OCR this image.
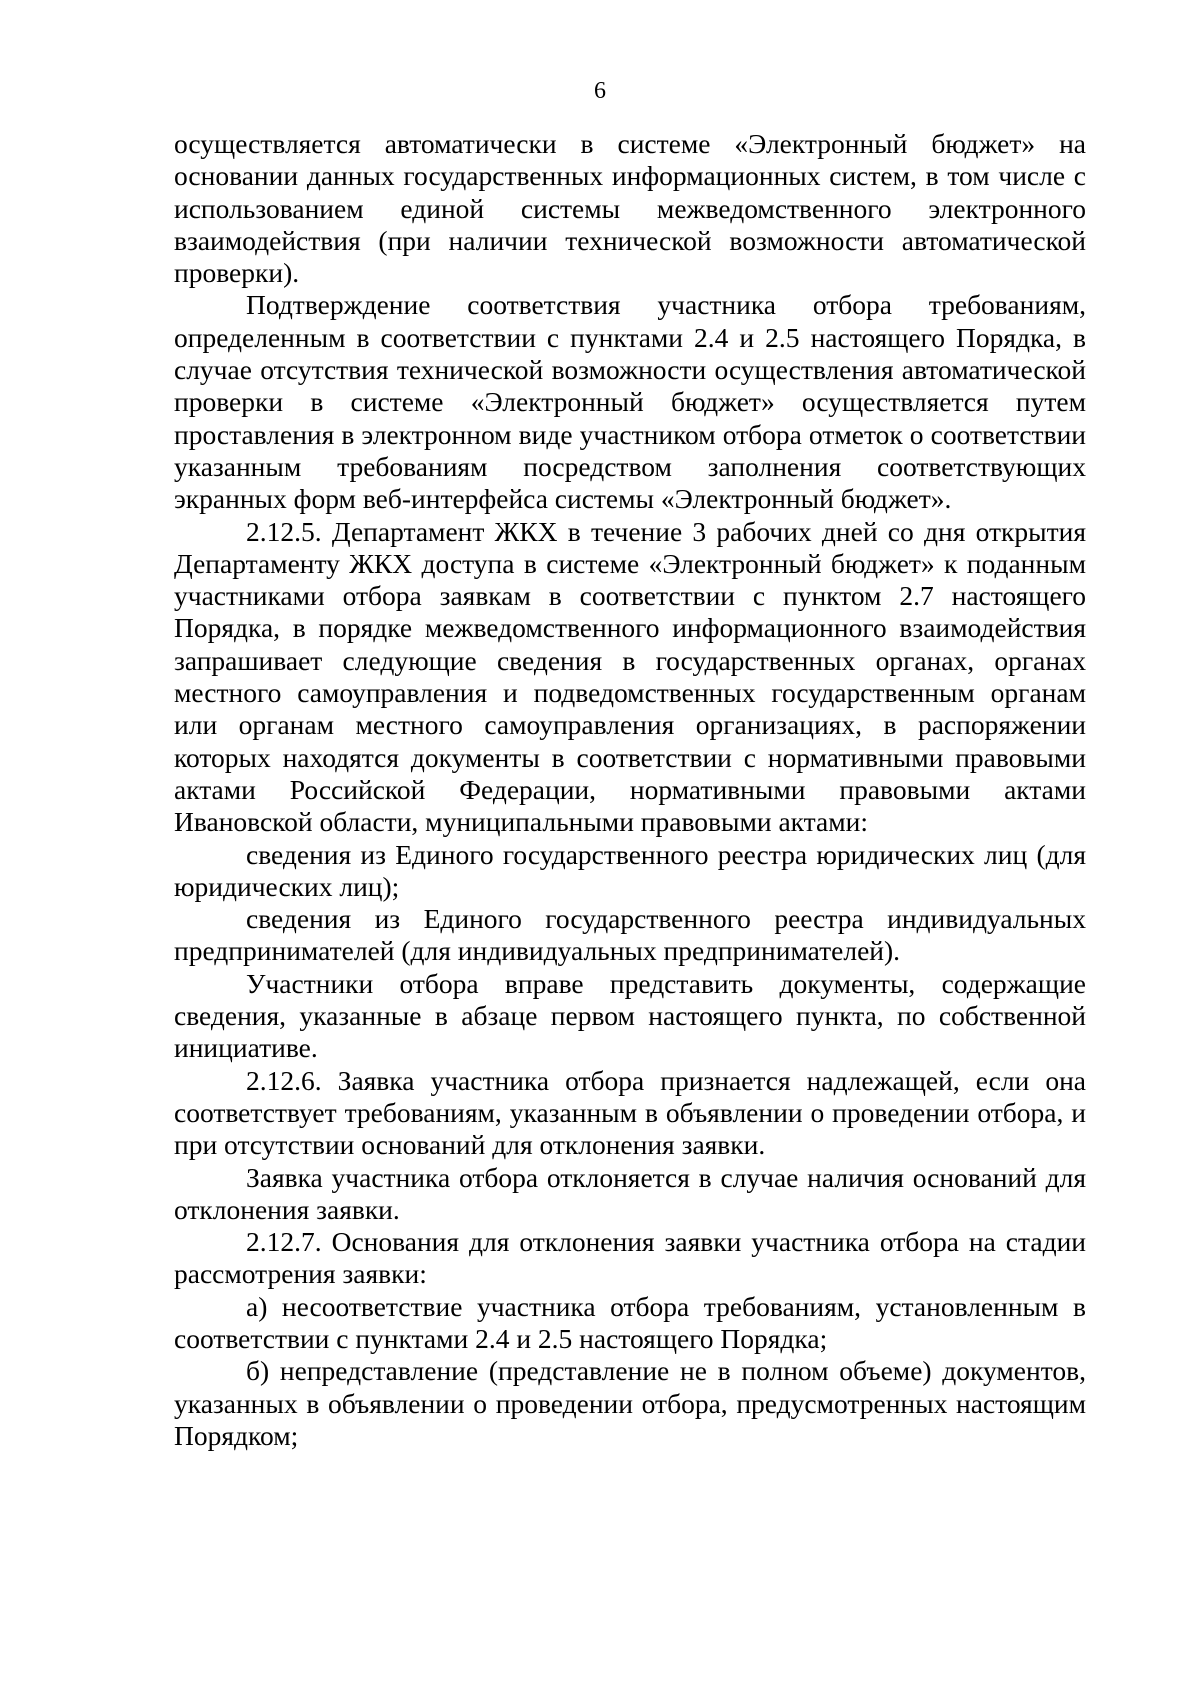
6

осуществляется автоматически в системе «Электронный бюджет» на основании данных государственных информационных систем, в том числе с использованием единой системы межведомственного электронного взаимодействия (при наличии технической возможности автоматической проверки).

Подтверждение соответствия участника отбора требованиям, определенным в соответствии с пунктами 2.4 и 2.5 настоящего Порядка, в случае отсутствия технической возможности осуществления автоматической проверки в системе «Электронный бюджет» осуществляется путем проставления в электронном виде участником отбора отметок о соответствии указанным требованиям посредством заполнения соответствующих экранных форм веб-интерфейса системы «Электронный бюджет».

2.12.5. Департамент ЖКХ в течение 3 рабочих дней со дня открытия Департаменту ЖКХ доступа в системе «Электронный бюджет» к поданным участниками отбора заявкам в соответствии с пунктом 2.7 настоящего Порядка, в порядке межведомственного информационного взаимодействия запрашивает следующие сведения в государственных органах, органах местного самоуправления и подведомственных государственным органам или органам местного самоуправления организациях, в распоряжении которых находятся документы в соответствии с нормативными правовыми актами Российской Федерации, нормативными правовыми актами Ивановской области, муниципальными правовыми актами:

сведения из Единого государственного реестра юридических лиц (для юридических лиц);

сведения из Единого государственного реестра индивидуальных предпринимателей (для индивидуальных предпринимателей).

Участники отбора вправе представить документы, содержащие сведения, указанные в абзаце первом настоящего пункта, по собственной инициативе.

2.12.6. Заявка участника отбора признается надлежащей, если она соответствует требованиям, указанным в объявлении о проведении отбора, и при отсутствии оснований для отклонения заявки.

Заявка участника отбора отклоняется в случае наличия оснований для отклонения заявки.

2.12.7. Основания для отклонения заявки участника отбора на стадии рассмотрения заявки:

а) несоответствие участника отбора требованиям, установленным в соответствии с пунктами 2.4 и 2.5 настоящего Порядка;

б) непредставление (представление не в полном объеме) документов, указанных в объявлении о проведении отбора, предусмотренных настоящим Порядком;
